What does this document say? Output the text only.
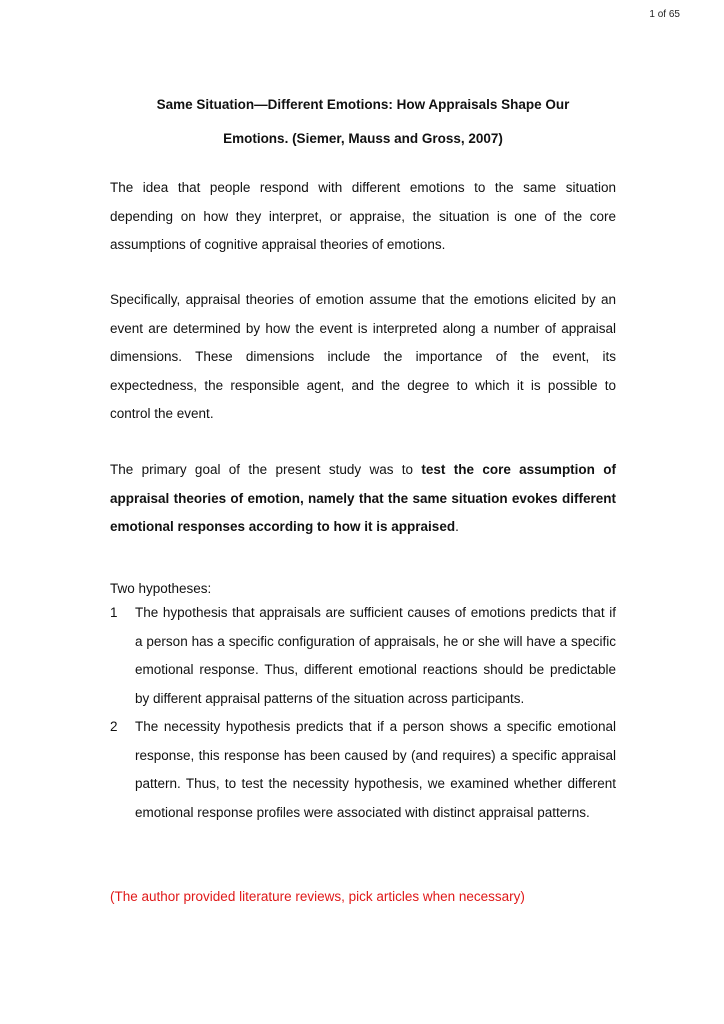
1 of 65
Same Situation—Different Emotions: How Appraisals Shape Our
Emotions. (Siemer, Mauss and Gross, 2007)
The idea that people respond with different emotions to the same situation depending on how they interpret, or appraise, the situation is one of the core assumptions of cognitive appraisal theories of emotions.
Specifically, appraisal theories of emotion assume that the emotions elicited by an event are determined by how the event is interpreted along a number of appraisal dimensions. These dimensions include the importance of the event, its expectedness, the responsible agent, and the degree to which it is possible to control the event.
The primary goal of the present study was to test the core assumption of appraisal theories of emotion, namely that the same situation evokes different emotional responses according to how it is appraised.
Two hypotheses:
1 The hypothesis that appraisals are sufficient causes of emotions predicts that if a person has a specific configuration of appraisals, he or she will have a specific emotional response. Thus, different emotional reactions should be predictable by different appraisal patterns of the situation across participants.
2 The necessity hypothesis predicts that if a person shows a specific emotional response, this response has been caused by (and requires) a specific appraisal pattern. Thus, to test the necessity hypothesis, we examined whether different emotional response profiles were associated with distinct appraisal patterns.
(The author provided literature reviews, pick articles when necessary)
